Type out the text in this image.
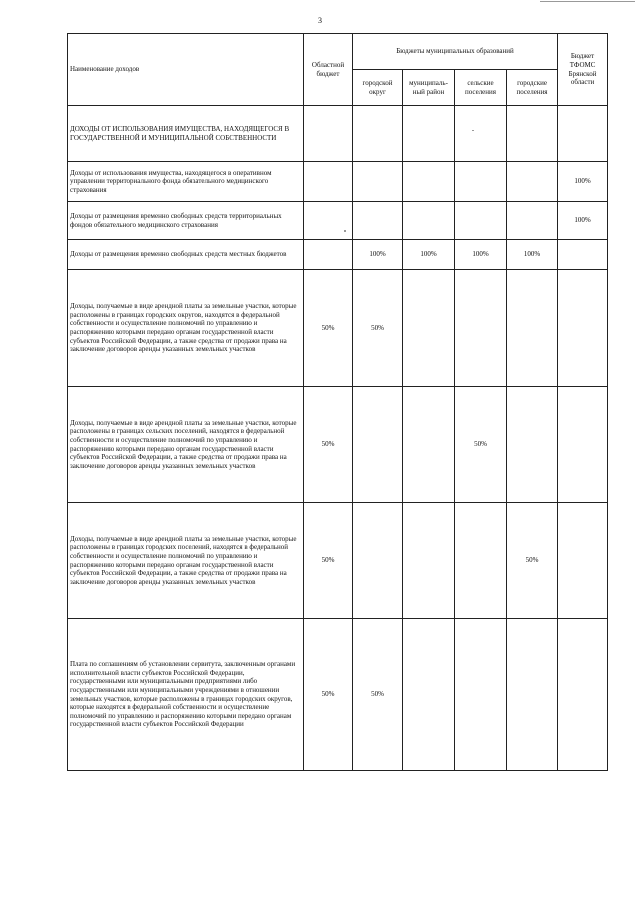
3
Наименование доходов	Областной бюджет	Бюджеты муниципальных образований				Бюджет ТФОМС Брянской области
		городской округ	муниципаль-ный район	сельские поселения	городские поселения	
ДОХОДЫ ОТ ИСПОЛЬЗОВАНИЯ ИМУЩЕСТВА, НАХОДЯЩЕГОСЯ В ГОСУДАРСТВЕННОЙ И МУНИЦИПАЛЬНОЙ СОБСТВЕННОСТИ						
Доходы от использования имущества, находящегося в оперативном управлении территориального фонда обязательного медицинского страхования						100%
Доходы от размещения временно свободных средств территориальных фондов обязательного медицинского страхования						100%
Доходы от размещения временно свободных средств местных бюджетов		100%	100%	100%	100%	
Доходы, получаемые в виде арендной платы за земельные участки, которые расположены в границах городских округов, находятся в федеральной собственности и осуществление полномочий по управлению и распоряжению которыми передано органам государственной власти субъектов Российской Федерации, а также средства от продажи права на заключение договоров аренды указанных земельных участков	50%	50%				
Доходы, получаемые в виде арендной платы за земельные участки, которые расположены в границах сельских поселений, находятся в федеральной собственности и осуществление полномочий по управлению и распоряжению которыми передано органам государственной власти субъектов Российской Федерации, а также средства от продажи права на заключение договоров аренды указанных земельных участков	50%			50%		
Доходы, получаемые в виде арендной платы за земельные участки, которые расположены в границах городских поселений, находятся в федеральной собственности и осуществление полномочий по управлению и распоряжению которыми передано органам государственной власти субъектов Российской Федерации, а также средства от продажи права на заключение договоров аренды указанных земельных участков	50%				50%	
Плата по соглашениям об установлении сервитута, заключенным органами исполнительной власти субъектов Российской Федерации, государственными или муниципальными предприятиями либо государственными или муниципальными учреждениями в отношении земельных участков, которые расположены в границах городских округов, которые находятся в федеральной собственности и осуществление полномочий по управлению и распоряжению которыми передано органам государственной власти субъектов Российской Федерации	50%	50%				
